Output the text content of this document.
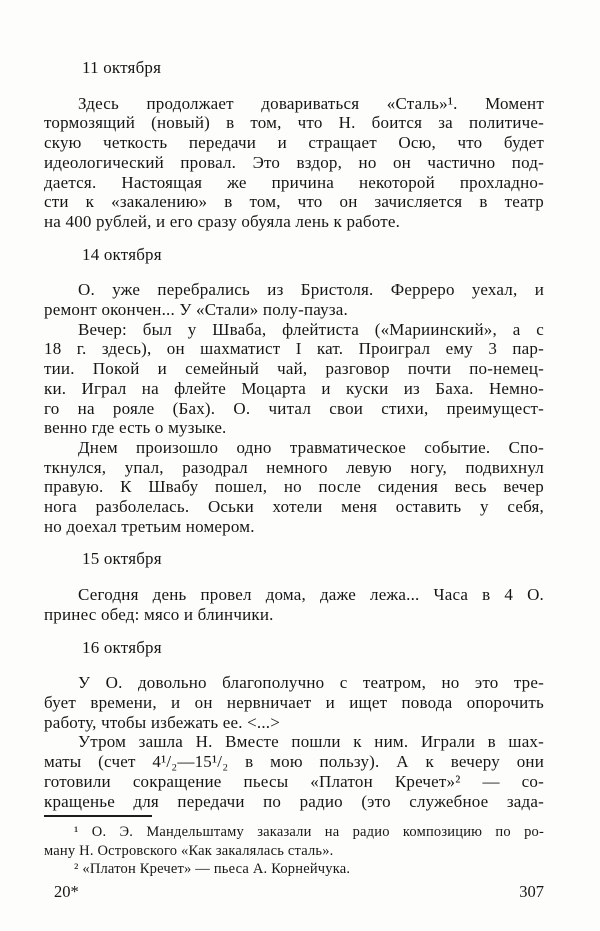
11 октября
Здесь продолжает довариваться «Сталь»¹. Момент
тормозящий (новый) в том, что Н. боится за политиче-
скую четкость передачи и стращает Осю, что будет
идеологический провал. Это вздор, но он частично под-
дается. Настоящая же причина некоторой прохладно-
сти к «закалению» в том, что он зачисляется в театр
на 400 рублей, и его сразу обуяла лень к работе.
14 октября
О. уже перебрались из Бристоля. Ферреро уехал, и
ремонт окончен... У «Стали» полу-пауза.
Вечер: был у Шваба, флейтиста («Мариинский», а с
18 г. здесь), он шахматист I кат. Проиграл ему 3 пар-
тии. Покой и семейный чай, разговор почти по-немец-
ки. Играл на флейте Моцарта и куски из Баха. Немно-
го на рояле (Бах). О. читал свои стихи, преимущест-
венно где есть о музыке.
Днем произошло одно травматическое событие. Спо-
ткнулся, упал, разодрал немного левую ногу, подвихнул
правую. К Швабу пошел, но после сидения весь вечер
нога разболелась. Оськи хотели меня оставить у себя,
но доехал третьим номером.
15 октября
Сегодня день провел дома, даже лежа... Часа в 4 О.
принес обед: мясо и блинчики.
16 октября
У О. довольно благополучно с театром, но это тре-
бует времени, и он нервничает и ищет повода опорочить
работу, чтобы избежать ее. <...>
Утром зашла Н. Вместе пошли к ним. Играли в шах-
маты (счет 4¹/₂—15¹/₂ в мою пользу). А к вечеру они
готовили сокращение пьесы «Платон Кречет»² — со-
кращенье для передачи по радио (это служебное зада-
¹ О. Э. Мандельштаму заказали на радио композицию по ро-
ману Н. Островского «Как закалялась сталь».
² «Платон Кречет» — пьеса А. Корнейчука.
20*	307
